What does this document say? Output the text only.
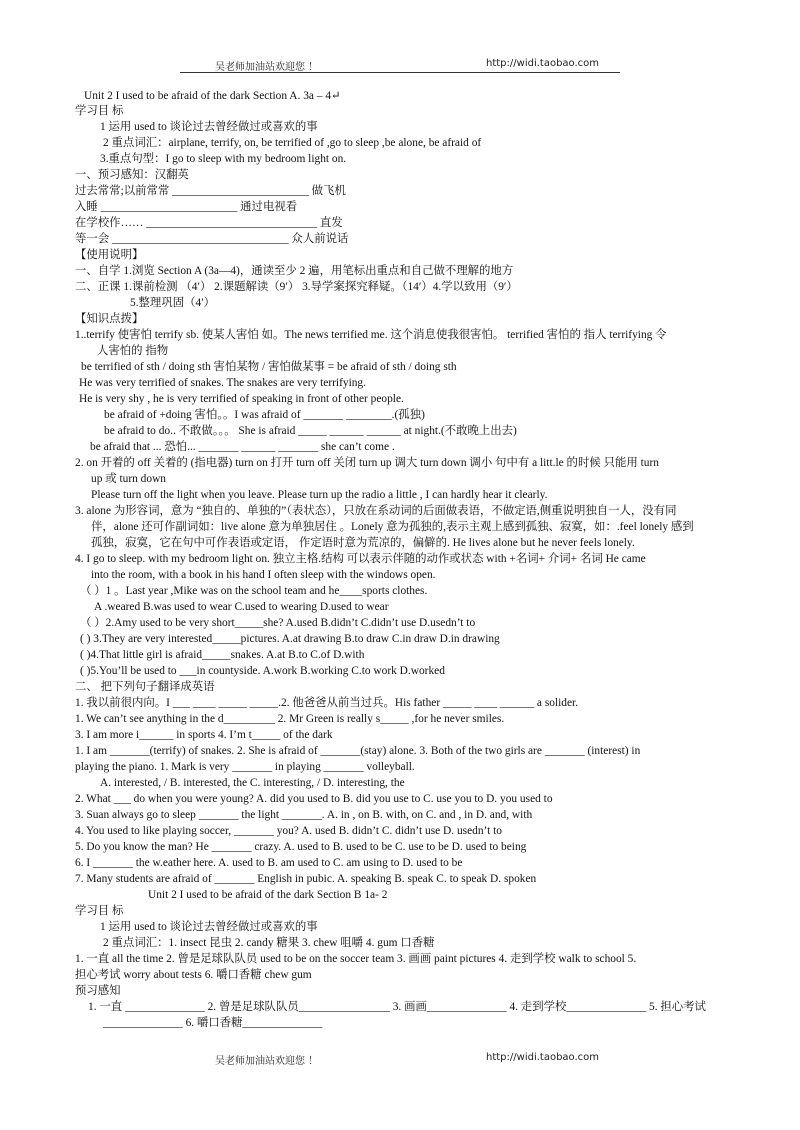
吴老师加油站欢迎您 ！	http://widi.taobao.com
Unit 2 I used to be afraid of the dark Section A. 3a – 4↵
学习目 标
1 运用 used to 谈论过去曾经做过或喜欢的事
2 重点词汇：airplane, terrify, on, be terrified of ,go to sleep ,be alone, be afraid of
3.重点句型：I go to sleep with my bedroom light on.
一、预习感知：汉翻英
过去常常;以前常常 ________________________ 做飞机
入睡 ________________________ 通过电视看
在学校作…… ______________________________ 直发
等一会 _______________________________ 众人前说话
【使用说明】
一、自学 1.浏览 Section A (3a—4)，通读至少 2 遍，用笔标出重点和自己做不理解的地方
二、正课 1.课前检测 （4′） 2.课题解读（9′） 3.导学案探究释疑。（14′）4.学以致用（9′）
5.整理巩固（4′）
【知识点拨】
1..terrify 使害怕 terrify sb. 使某人害怕 如。The news terrified me. 这个消息使我很害怕。 terrified 害怕的 指人 terrifying 令
人害怕的 指物
be terrified of sth / doing sth 害怕某物 / 害怕做某事 = be afraid of sth / doing sth
He was very terrified of snakes. The snakes are very terrifying.
He is very shy , he is very terrified of speaking in front of other people.
be afraid of +doing 害怕。。I was afraid of _______ ________.(孤独)
be afraid to do.. 不敢做。。。 She is afraid _____ ______ ______ at night.(不敢晚上出去)
be afraid that ... 恐怕... _______ ______ _______ she can’t come .
2. on 开着的 off 关着的 (指电器) turn on 打开 turn off 关闭 turn up 调大 turn down 调小 句中有 a litt.le 的时候 只能用 turn
up 或 turn down
Please turn off the light when you leave. Please turn up the radio a little , I can hardly hear it clearly.
3. alone 为形容词，意为 “独自的、单独的”（表状态），只放在系动词的后面做表语，不做定语,侧重说明独自一人，没有同
伴，alone 还可作副词如：live alone 意为单独居住 。Lonely 意为孤独的,表示主观上感到孤独、寂寞，如：.feel lonely 感到
孤独，寂寞，它在句中可作表语或定语， 作定语时意为荒凉的，偏僻的. He lives alone but he never feels lonely.
4. I go to sleep. with my bedroom light on. 独立主格.结构 可以表示伴随的动作或状态 with +名词+ 介词+ 名词 He came
into the room, with a book in his hand I often sleep with the windows open.
（ ）1 。Last year ,Mike was on the school team and he____sports clothes.
A .weared B.was used to wear C.used to wearing D.used to wear
（ ）2.Amy used to be very short_____she? A.used B.didn’t C.didn’t use D.usedn’t to
( ) 3.They are very interested_____pictures. A.at drawing B.to draw C.in draw D.in drawing
( )4.That little girl is afraid_____snakes. A.at B.to C.of D.with
( )5.You’ll be used to ___in countyside. A.work B.working C.to work D.worked
二、 把下列句子翻译成英语
1. 我以前很内向。I ___ ____ _____ _____.2. 他爸爸从前当过兵。His father _____ ____ ______ a solider.
1. We can’t see anything in the d_________ 2. Mr Green is really s_____ ,for he never smiles.
3. I am more i______ in sports 4. I’m t_____ of the dark
1. I am _______(terrify) of snakes. 2. She is afraid of _______(stay) alone. 3. Both of the two girls are _______ (interest) in
playing the piano. 1. Mark is very _______ in playing _______ volleyball.
A. interested, / B. interested, the C. interesting, / D. interesting, the
2. What ___ do when you were young? A. did you used to B. did you use to C. use you to D. you used to
3. Suan always go to sleep _______ the light _______. A. in , on B. with, on C. and , in D. and, with
4. You used to like playing soccer, _______ you? A. used B. didn’t C. didn’t use D. usedn’t to
5. Do you know the man? He _______ crazy. A. used to B. used to be C. use to be D. used to being
6. I _______ the w.eather here. A. used to B. am used to C. am using to D. used to be
7. Many students are afraid of _______ English in pubic. A. speaking B. speak C. to speak D. spoken
Unit 2 I used to be afraid of the dark Section B 1a- 2
学习目 标
1 运用 used to 谈论过去曾经做过或喜欢的事
2 重点词汇：1. insect 昆虫 2. candy 糖果 3. chew 咀嚼 4. gum 口香糖
1. 一直 all the time 2. 曾是足球队队员 used to be on the soccer team 3. 画画 paint pictures 4. 走到学校 walk to school 5.
担心考试 worry about tests 6. 嚼口香糖 chew gum
预习感知
1. 一直 ______________ 2. 曾是足球队队员________________ 3. 画画______________ 4. 走到学校______________ 5. 担心考试
______________ 6. 嚼口香糖______________
吴老师加油站欢迎您 ！	http://widi.taobao.com
